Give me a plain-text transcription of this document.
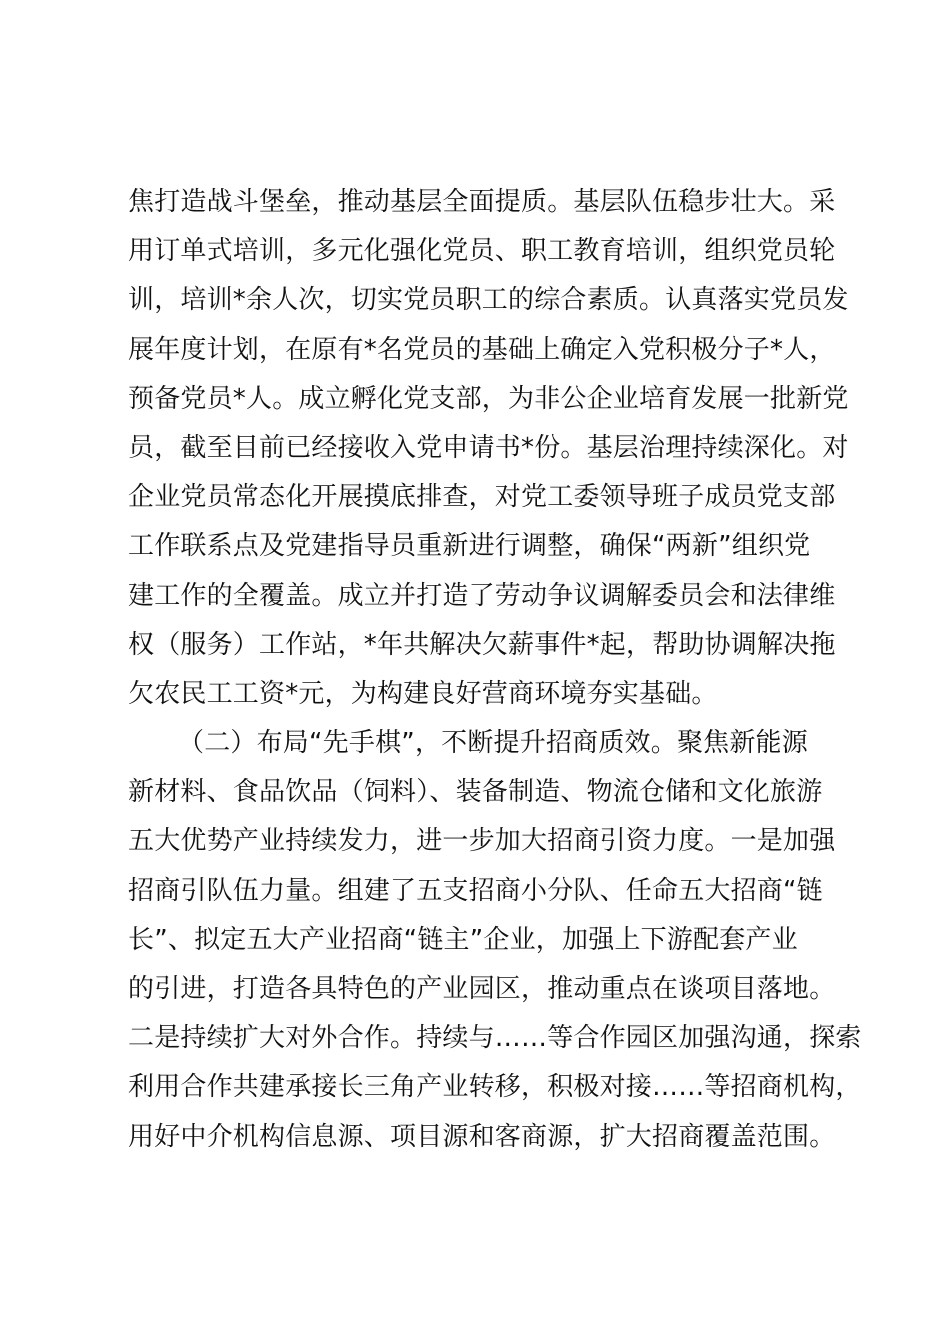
焦打造战斗堡垒，推动基层全面提质。基层队伍稳步壮大。采
用订单式培训，多元化强化党员、职工教育培训，组织党员轮
训，培训*余人次，切实党员职工的综合素质。认真落实党员发
展年度计划，在原有*名党员的基础上确定入党积极分子*人，
预备党员*人。成立孵化党支部，为非公企业培育发展一批新党
员，截至目前已经接收入党申请书*份。基层治理持续深化。对
企业党员常态化开展摸底排查，对党工委领导班子成员党支部
工作联系点及党建指导员重新进行调整，确保“两新”组织党
建工作的全覆盖。成立并打造了劳动争议调解委员会和法律维
权（服务）工作站，*年共解决欠薪事件*起，帮助协调解决拖
欠农民工工资*元，为构建良好营商环境夯实基础。
（二）布局“先手棋”，不断提升招商质效。聚焦新能源
新材料、食品饮品（饲料）、装备制造、物流仓储和文化旅游
五大优势产业持续发力，进一步加大招商引资力度。一是加强
招商引队伍力量。组建了五支招商小分队、任命五大招商“链
长”、拟定五大产业招商“链主”企业，加强上下游配套产业
的引进，打造各具特色的产业园区，推动重点在谈项目落地。
二是持续扩大对外合作。持续与……等合作园区加强沟通，探索
利用合作共建承接长三角产业转移，积极对接……等招商机构，
用好中介机构信息源、项目源和客商源，扩大招商覆盖范围。
